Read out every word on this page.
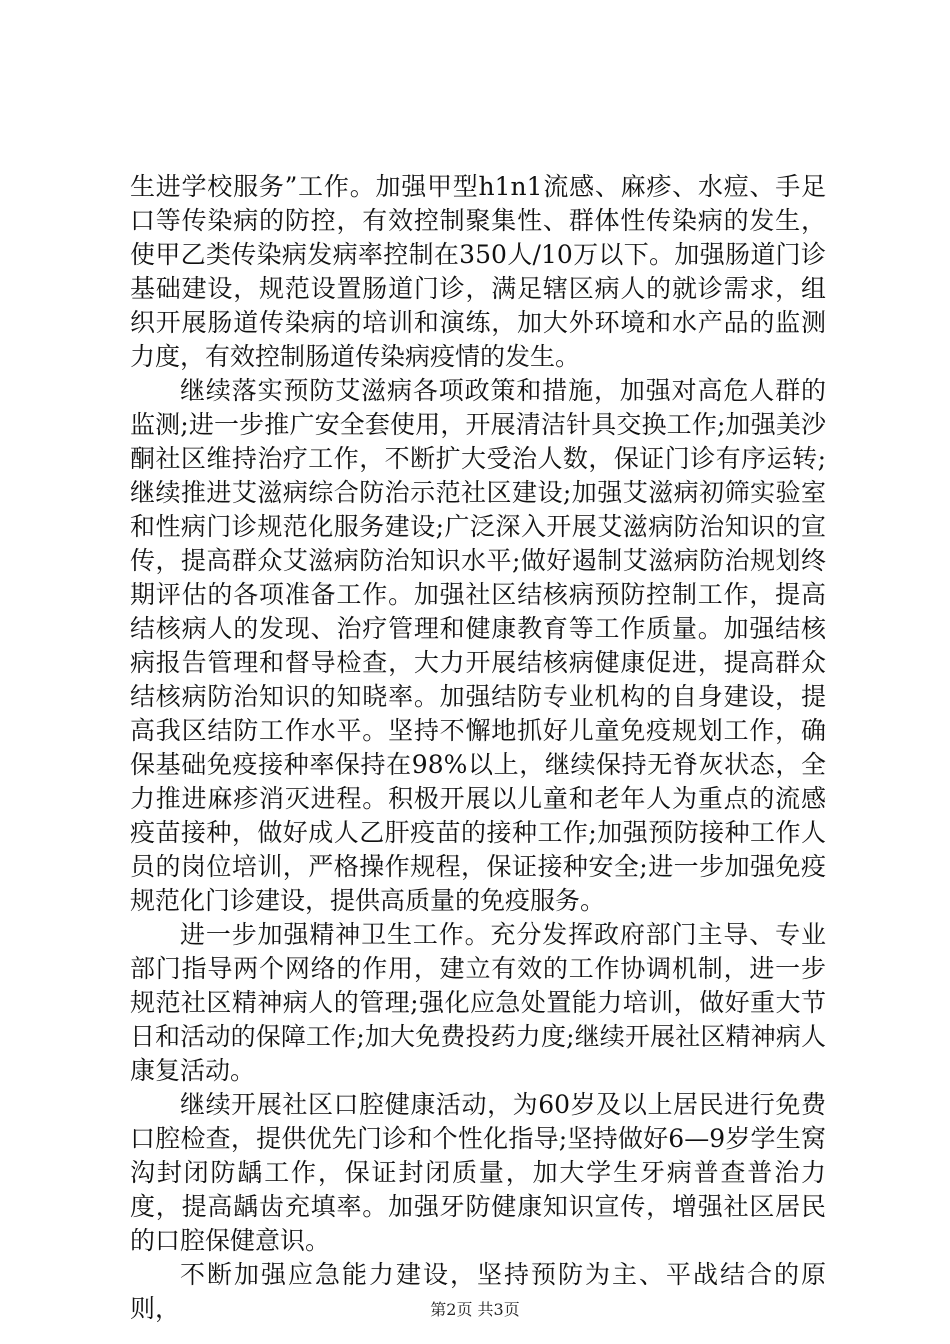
生进学校服务”工作。加强甲型h1n1流感、麻疹、水痘、手足口等传染病的防控，有效控制聚集性、群体性传染病的发生，使甲乙类传染病发病率控制在350人/10万以下。加强肠道门诊基础建设，规范设置肠道门诊，满足辖区病人的就诊需求，组织开展肠道传染病的培训和演练，加大外环境和水产品的监测力度，有效控制肠道传染病疫情的发生。

继续落实预防艾滋病各项政策和措施，加强对高危人群的监测;进一步推广安全套使用，开展清洁针具交换工作;加强美沙酮社区维持治疗工作，不断扩大受治人数，保证门诊有序运转;继续推进艾滋病综合防治示范社区建设;加强艾滋病初筛实验室和性病门诊规范化服务建设;广泛深入开展艾滋病防治知识的宣传，提高群众艾滋病防治知识水平;做好遏制艾滋病防治规划终期评估的各项准备工作。加强社区结核病预防控制工作，提高结核病人的发现、治疗管理和健康教育等工作质量。加强结核病报告管理和督导检查，大力开展结核病健康促进，提高群众结核病防治知识的知晓率。加强结防专业机构的自身建设，提高我区结防工作水平。坚持不懈地抓好儿童免疫规划工作，确保基础免疫接种率保持在98%以上，继续保持无脊灰状态，全力推进麻疹消灭进程。积极开展以儿童和老年人为重点的流感疫苗接种，做好成人乙肝疫苗的接种工作;加强预防接种工作人员的岗位培训，严格操作规程，保证接种安全;进一步加强免疫规范化门诊建设，提供高质量的免疫服务。

进一步加强精神卫生工作。充分发挥政府部门主导、专业部门指导两个网络的作用，建立有效的工作协调机制，进一步规范社区精神病人的管理;强化应急处置能力培训，做好重大节日和活动的保障工作;加大免费投药力度;继续开展社区精神病人康复活动。

继续开展社区口腔健康活动，为60岁及以上居民进行免费口腔检查，提供优先门诊和个性化指导;坚持做好6—9岁学生窝沟封闭防龋工作，保证封闭质量，加大学生牙病普查普治力度，提高龋齿充填率。加强牙防健康知识宣传，增强社区居民的口腔保健意识。

不断加强应急能力建设，坚持预防为主、平战结合的原则，	第2页 共3页
